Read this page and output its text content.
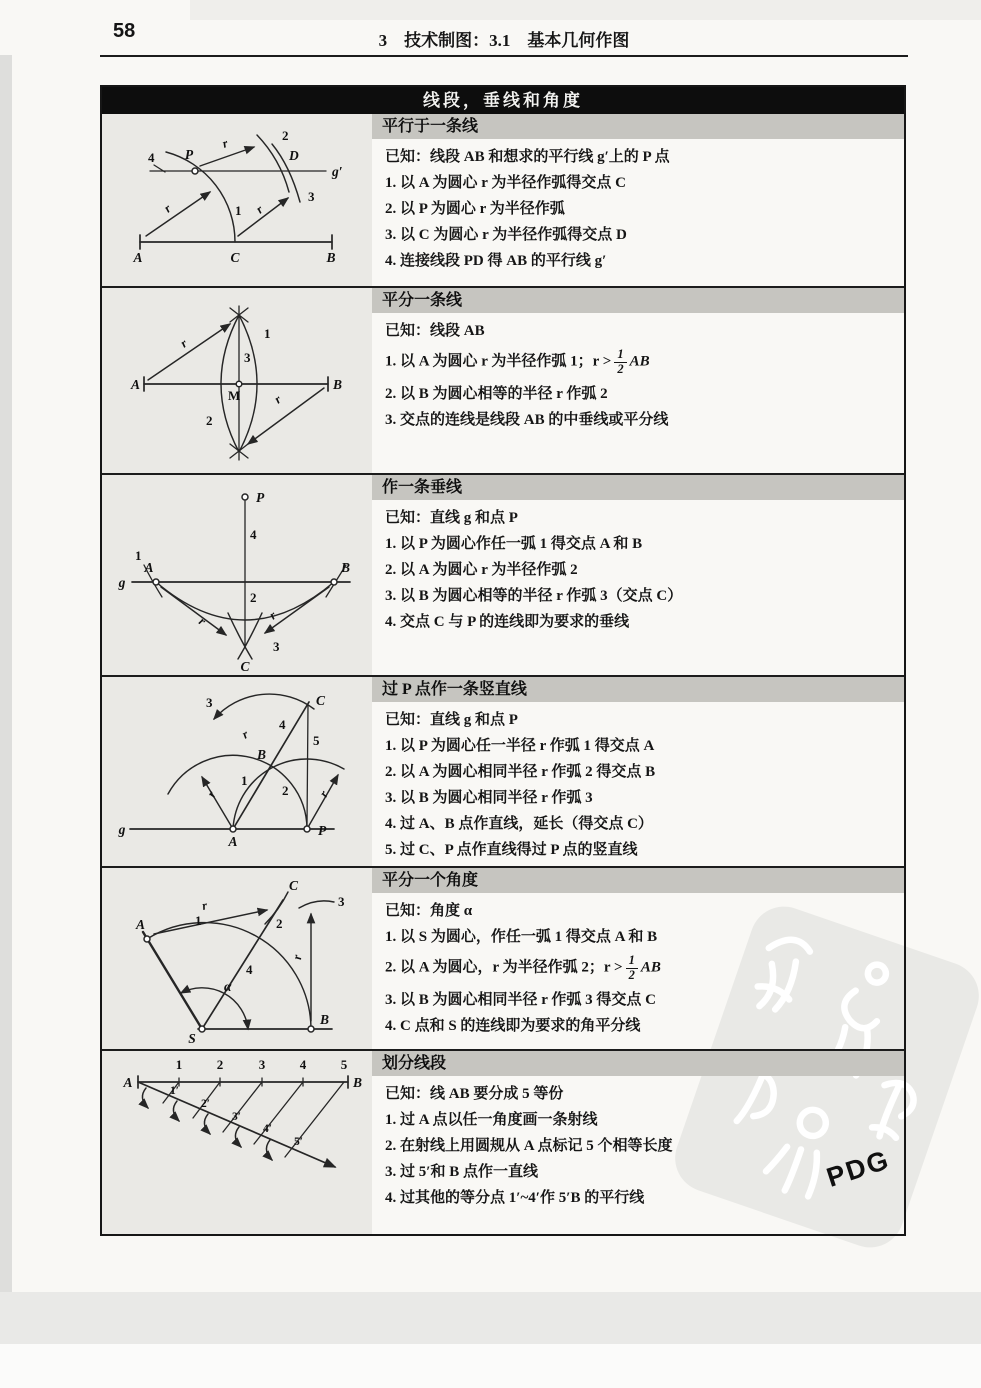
58	3　技术制图：3.1　基本几何作图
PDG
线段，垂线和角度
P	D
g′
4
1
2
3
r
r
r
A	C	B
平行于一条线
已知：线段 AB 和想求的平行线 g′上的 P 点
1. 以 A 为圆心 r 为半径作弧得交点 C
2. 以 P 为圆心 r 为半径作弧
3. 以 C 为圆心 r 为半径作弧得交点 D
4. 连接线段 PD 得 AB 的平行线 g′
A	B
M
1
2
3
r
r
平分一条线
已知：线段 AB
1. 以 A 为圆心 r 为半径作弧 1；$r > \frac{1}{2}$ AB
2. 以 B 为圆心相等的半径 r 作弧 2
3. 交点的连线是线段 AB 的中垂线或平分线
g
A	B
P
C
1
4
2
3
r	r
作一条垂线
已知：直线 g 和点 P
1. 以 P 为圆心作任一弧 1 得交点 A 和 B
2. 以 A 为圆心 r 为半径作弧 2
3. 以 B 为圆心相等的半径 r 作弧 3（交点 C）
4. 交点 C 与 P 的连线即为要求的垂线
g
A
P
B
C
3
4
5
1
2
r	r
r
过 P 点作一条竖直线
已知：直线 g 和点 P
1. 以 P 为圆心任一半径 r 作弧 1 得交点 A
2. 以 A 为圆心相同半径 r 作弧 2 得交点 B
3. 以 B 为圆心相同半径 r 作弧 3
4. 过 A、B 点作直线，延长（得交点 C）
5. 过 C、P 点作直线得过 P 点的竖直线
S
B
A
C
α
1	2
3
4
r
r
平分一个角度
已知：角度 α
1. 以 S 为圆心，作任一弧 1 得交点 A 和 B
2. 以 A 为圆心，r 为半径作弧 2；$r > \frac{1}{2}$ AB
3. 以 B 为圆心相同半径 r 作弧 3 得交点 C
4. C 点和 S 的连线即为要求的角平分线
A	B
1	2	3	4	5
1′
2′
3′
4′
5′
划分线段
已知：线 AB 要分成 5 等份
1. 过 A 点以任一角度画一条射线
2. 在射线上用圆规从 A 点标记 5 个相等长度
3. 过 5′和 B 点作一直线
4. 过其他的等分点 1′~4′作 5′B 的平行线
